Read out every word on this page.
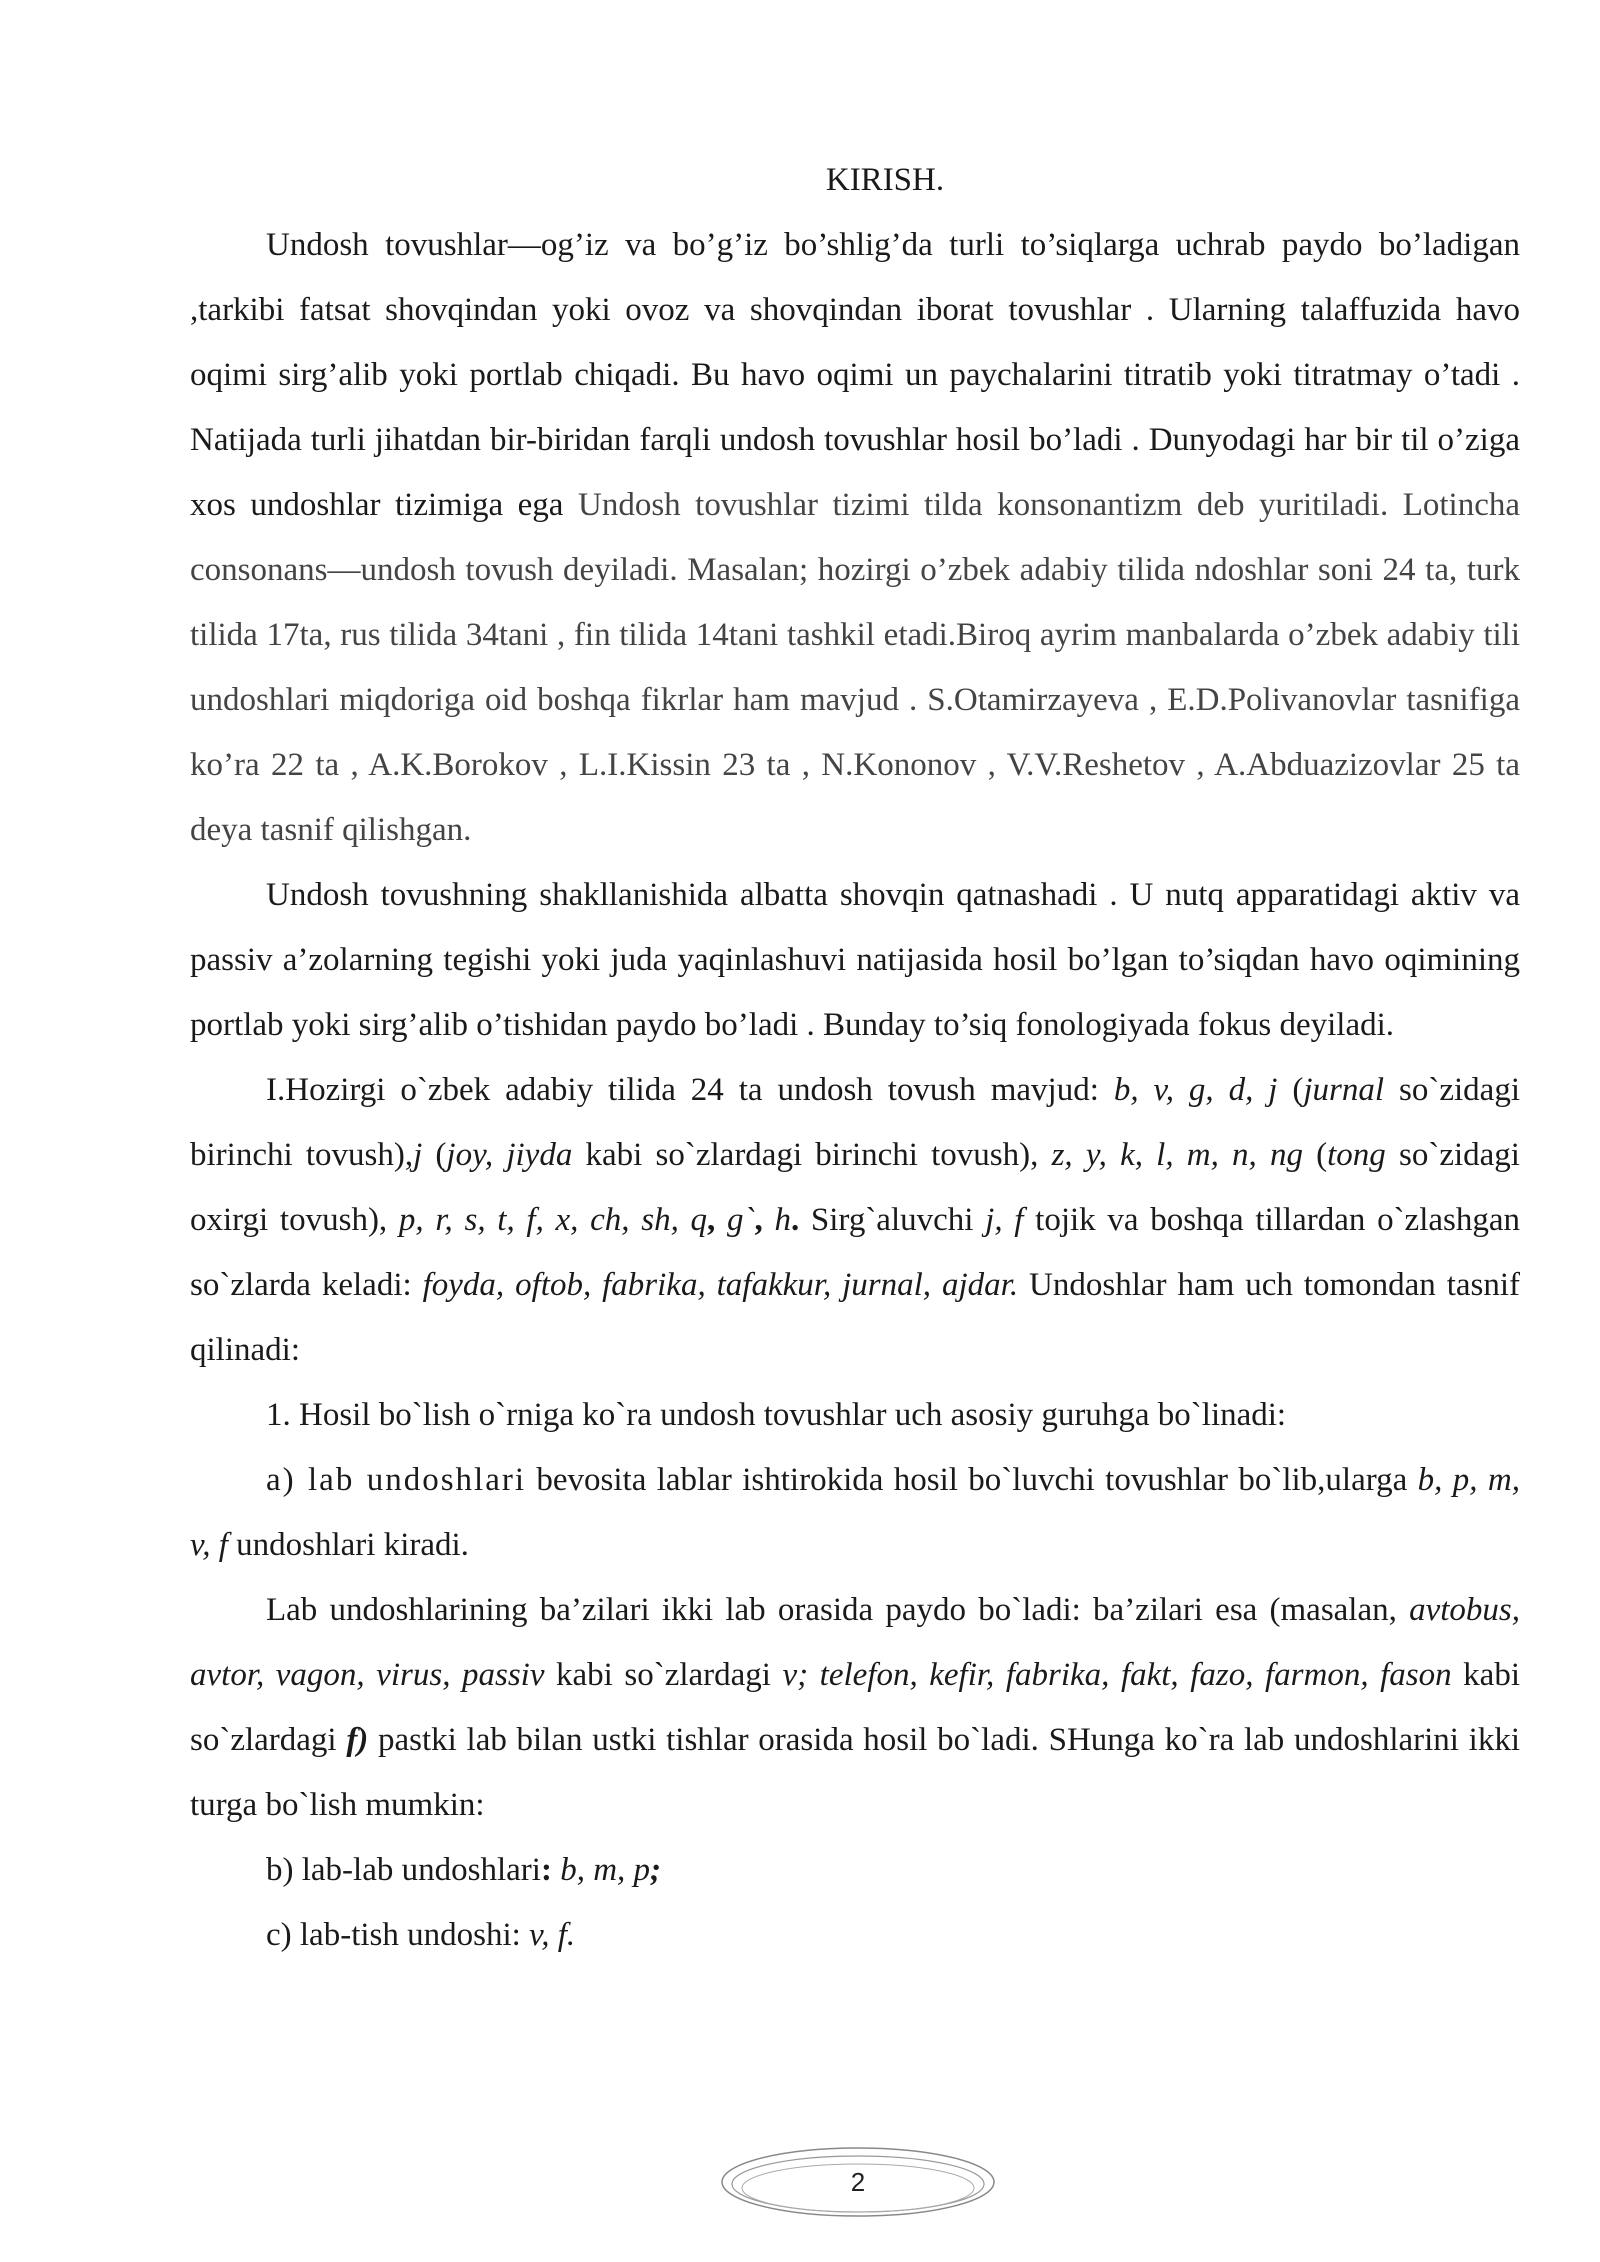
KIRISH.

Undosh tovushlar—og’iz va bo’g’iz bo’shlig’da turli to’siqlarga uchrab paydo bo’ladigan ,tarkibi fatsat shovqindan yoki ovoz va shovqindan iborat tovushlar . Ularning talaffuzida havo oqimi sirg’alib yoki portlab chiqadi. Bu havo oqimi un paychalarini titratib yoki titratmay o’tadi . Natijada turli jihatdan bir-biridan farqli undosh tovushlar hosil bo’ladi . Dunyodagi har bir til o’ziga xos undoshlar tizimiga ega Undosh tovushlar tizimi tilda konsonantizm deb yuritiladi. Lotincha consonans—undosh tovush deyiladi. Masalan; hozirgi o’zbek adabiy tilida ndoshlar soni 24 ta, turk tilida 17ta, rus tilida 34tani , fin tilida 14tani tashkil etadi.Biroq ayrim manbalarda o’zbek adabiy tili undoshlari miqdoriga oid boshqa fikrlar ham mavjud . S.Otamirzayeva , E.D.Polivanovlar tasnifiga ko’ra 22 ta , A.K.Borokov , L.I.Kissin 23 ta , N.Kononov , V.V.Reshetov , A.Abduazizovlar 25 ta deya tasnif qilishgan.

Undosh tovushning shakllanishida albatta shovqin qatnashadi . U nutq apparatidagi aktiv va passiv a’zolarning tegishi yoki juda yaqinlashuvi natijasida hosil bo’lgan to’siqdan havo oqimining portlab yoki sirg’alib o’tishidan paydo bo’ladi . Bunday to’siq fonologiyada fokus deyiladi.

I.Hozirgi o`zbek adabiy tilida 24 ta undosh tovush mavjud: b, v, g, d, j (jurnal so`zidagi birinchi tovush),j (joy, jiyda kabi so`zlardagi birinchi tovush), z, y, k, l, m, n, ng (tong so`zidagi oxirgi tovush), p, r, s, t, f, x, ch, sh, q, g`, h. Sirg`aluvchi j, f tojik va boshqa tillardan o`zlashgan so`zlarda keladi: foyda, oftob, fabrika, tafakkur, jurnal, ajdar. Undoshlar ham uch tomondan tasnif qilinadi:

1. Hosil bo`lish o`rniga ko`ra undosh tovushlar uch asosiy guruhga bo`linadi:

a) lab undoshlari bevosita lablar ishtirokida hosil bo`luvchi tovushlar bo`lib,ularga b, p, m, v, f undoshlari kiradi.

Lab undoshlarining ba’zilari ikki lab orasida paydo bo`ladi: ba’zilari esa (masalan, avtobus, avtor, vagon, virus, passiv kabi so`zlardagi v; telefon, kefir, fabrika, fakt, fazo, farmon, fason kabi so`zlardagi f) pastki lab bilan ustki tishlar orasida hosil bo`ladi. SHunga ko`ra lab undoshlarini ikki turga bo`lish mumkin:

b) lab-lab undoshlari: b, m, p;

c) lab-tish undoshi: v, f.

2
